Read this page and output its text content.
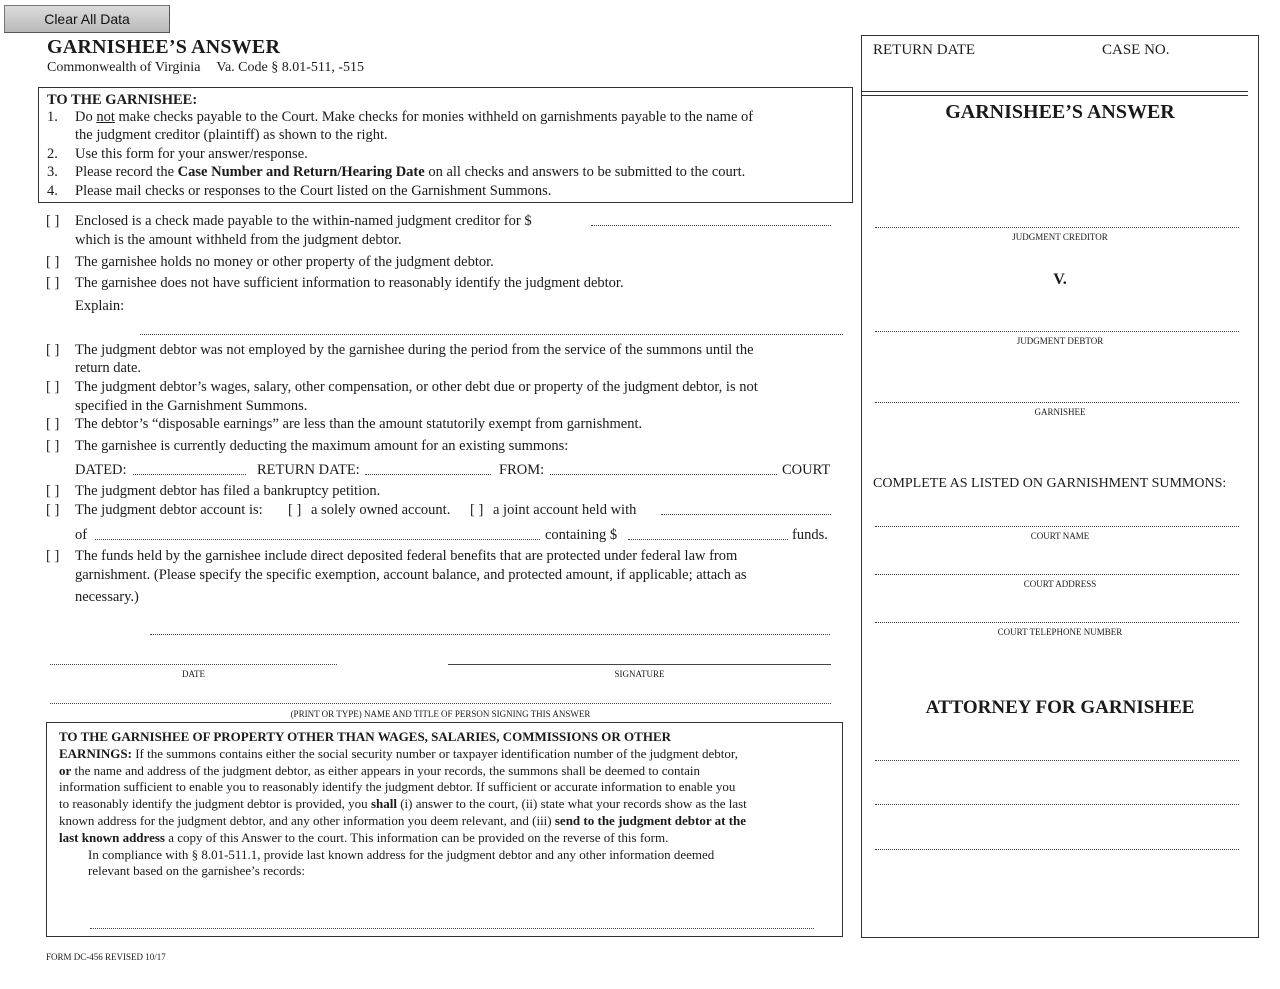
Clear All Data
GARNISHEE’S ANSWER
Commonwealth of Virginia Va. Code § 8.01-511, -515
TO THE GARNISHEE:
1. Do not make checks payable to the Court. Make checks for monies withheld on garnishments payable to the name of
the judgment creditor (plaintiff) as shown to the right.
2. Use this form for your answer/response.
3. Please record the Case Number and Return/Hearing Date on all checks and answers to be submitted to the court.
4. Please mail checks or responses to the Court listed on the Garnishment Summons.
[ ] Enclosed is a check made payable to the within-named judgment creditor for $
which is the amount withheld from the judgment debtor.
[ ] The garnishee holds no money or other property of the judgment debtor.
[ ] The garnishee does not have sufficient information to reasonably identify the judgment debtor.
Explain:
[ ] The judgment debtor was not employed by the garnishee during the period from the service of the summons until the
return date.
[ ] The judgment debtor’s wages, salary, other compensation, or other debt due or property of the judgment debtor, is not
specified in the Garnishment Summons.
[ ] The debtor’s “disposable earnings” are less than the amount statutorily exempt from garnishment.
[ ] The garnishee is currently deducting the maximum amount for an existing summons:
DATED:	RETURN DATE:	FROM:	COURT
[ ] The judgment debtor has filed a bankruptcy petition.
[ ] The judgment debtor account is: [ ] a solely owned account. [ ] a joint account held with
of	containing $	funds.
[ ] The funds held by the garnishee include direct deposited federal benefits that are protected under federal law from
garnishment. (Please specify the specific exemption, account balance, and protected amount, if applicable; attach as
necessary.)
DATE	SIGNATURE
(PRINT OR TYPE) NAME AND TITLE OF PERSON SIGNING THIS ANSWER
TO THE GARNISHEE OF PROPERTY OTHER THAN WAGES, SALARIES, COMMISSIONS OR OTHER
EARNINGS: If the summons contains either the social security number or taxpayer identification number of the judgment debtor,
or the name and address of the judgment debtor, as either appears in your records, the summons shall be deemed to contain
information sufficient to enable you to reasonably identify the judgment debtor. If sufficient or accurate information to enable you
to reasonably identify the judgment debtor is provided, you shall (i) answer to the court, (ii) state what your records show as the last
known address for the judgment debtor, and any other information you deem relevant, and (iii) send to the judgment debtor at the
last known address a copy of this Answer to the court. This information can be provided on the reverse of this form.
In compliance with § 8.01-511.1, provide last known address for the judgment debtor and any other information deemed
relevant based on the garnishee’s records:
FORM DC-456 REVISED 10/17
RETURN DATE	CASE NO.
GARNISHEE’S ANSWER
JUDGMENT CREDITOR
V.
JUDGMENT DEBTOR
GARNISHEE
COMPLETE AS LISTED ON GARNISHMENT SUMMONS:
COURT NAME
COURT ADDRESS
COURT TELEPHONE NUMBER
ATTORNEY FOR GARNISHEE
